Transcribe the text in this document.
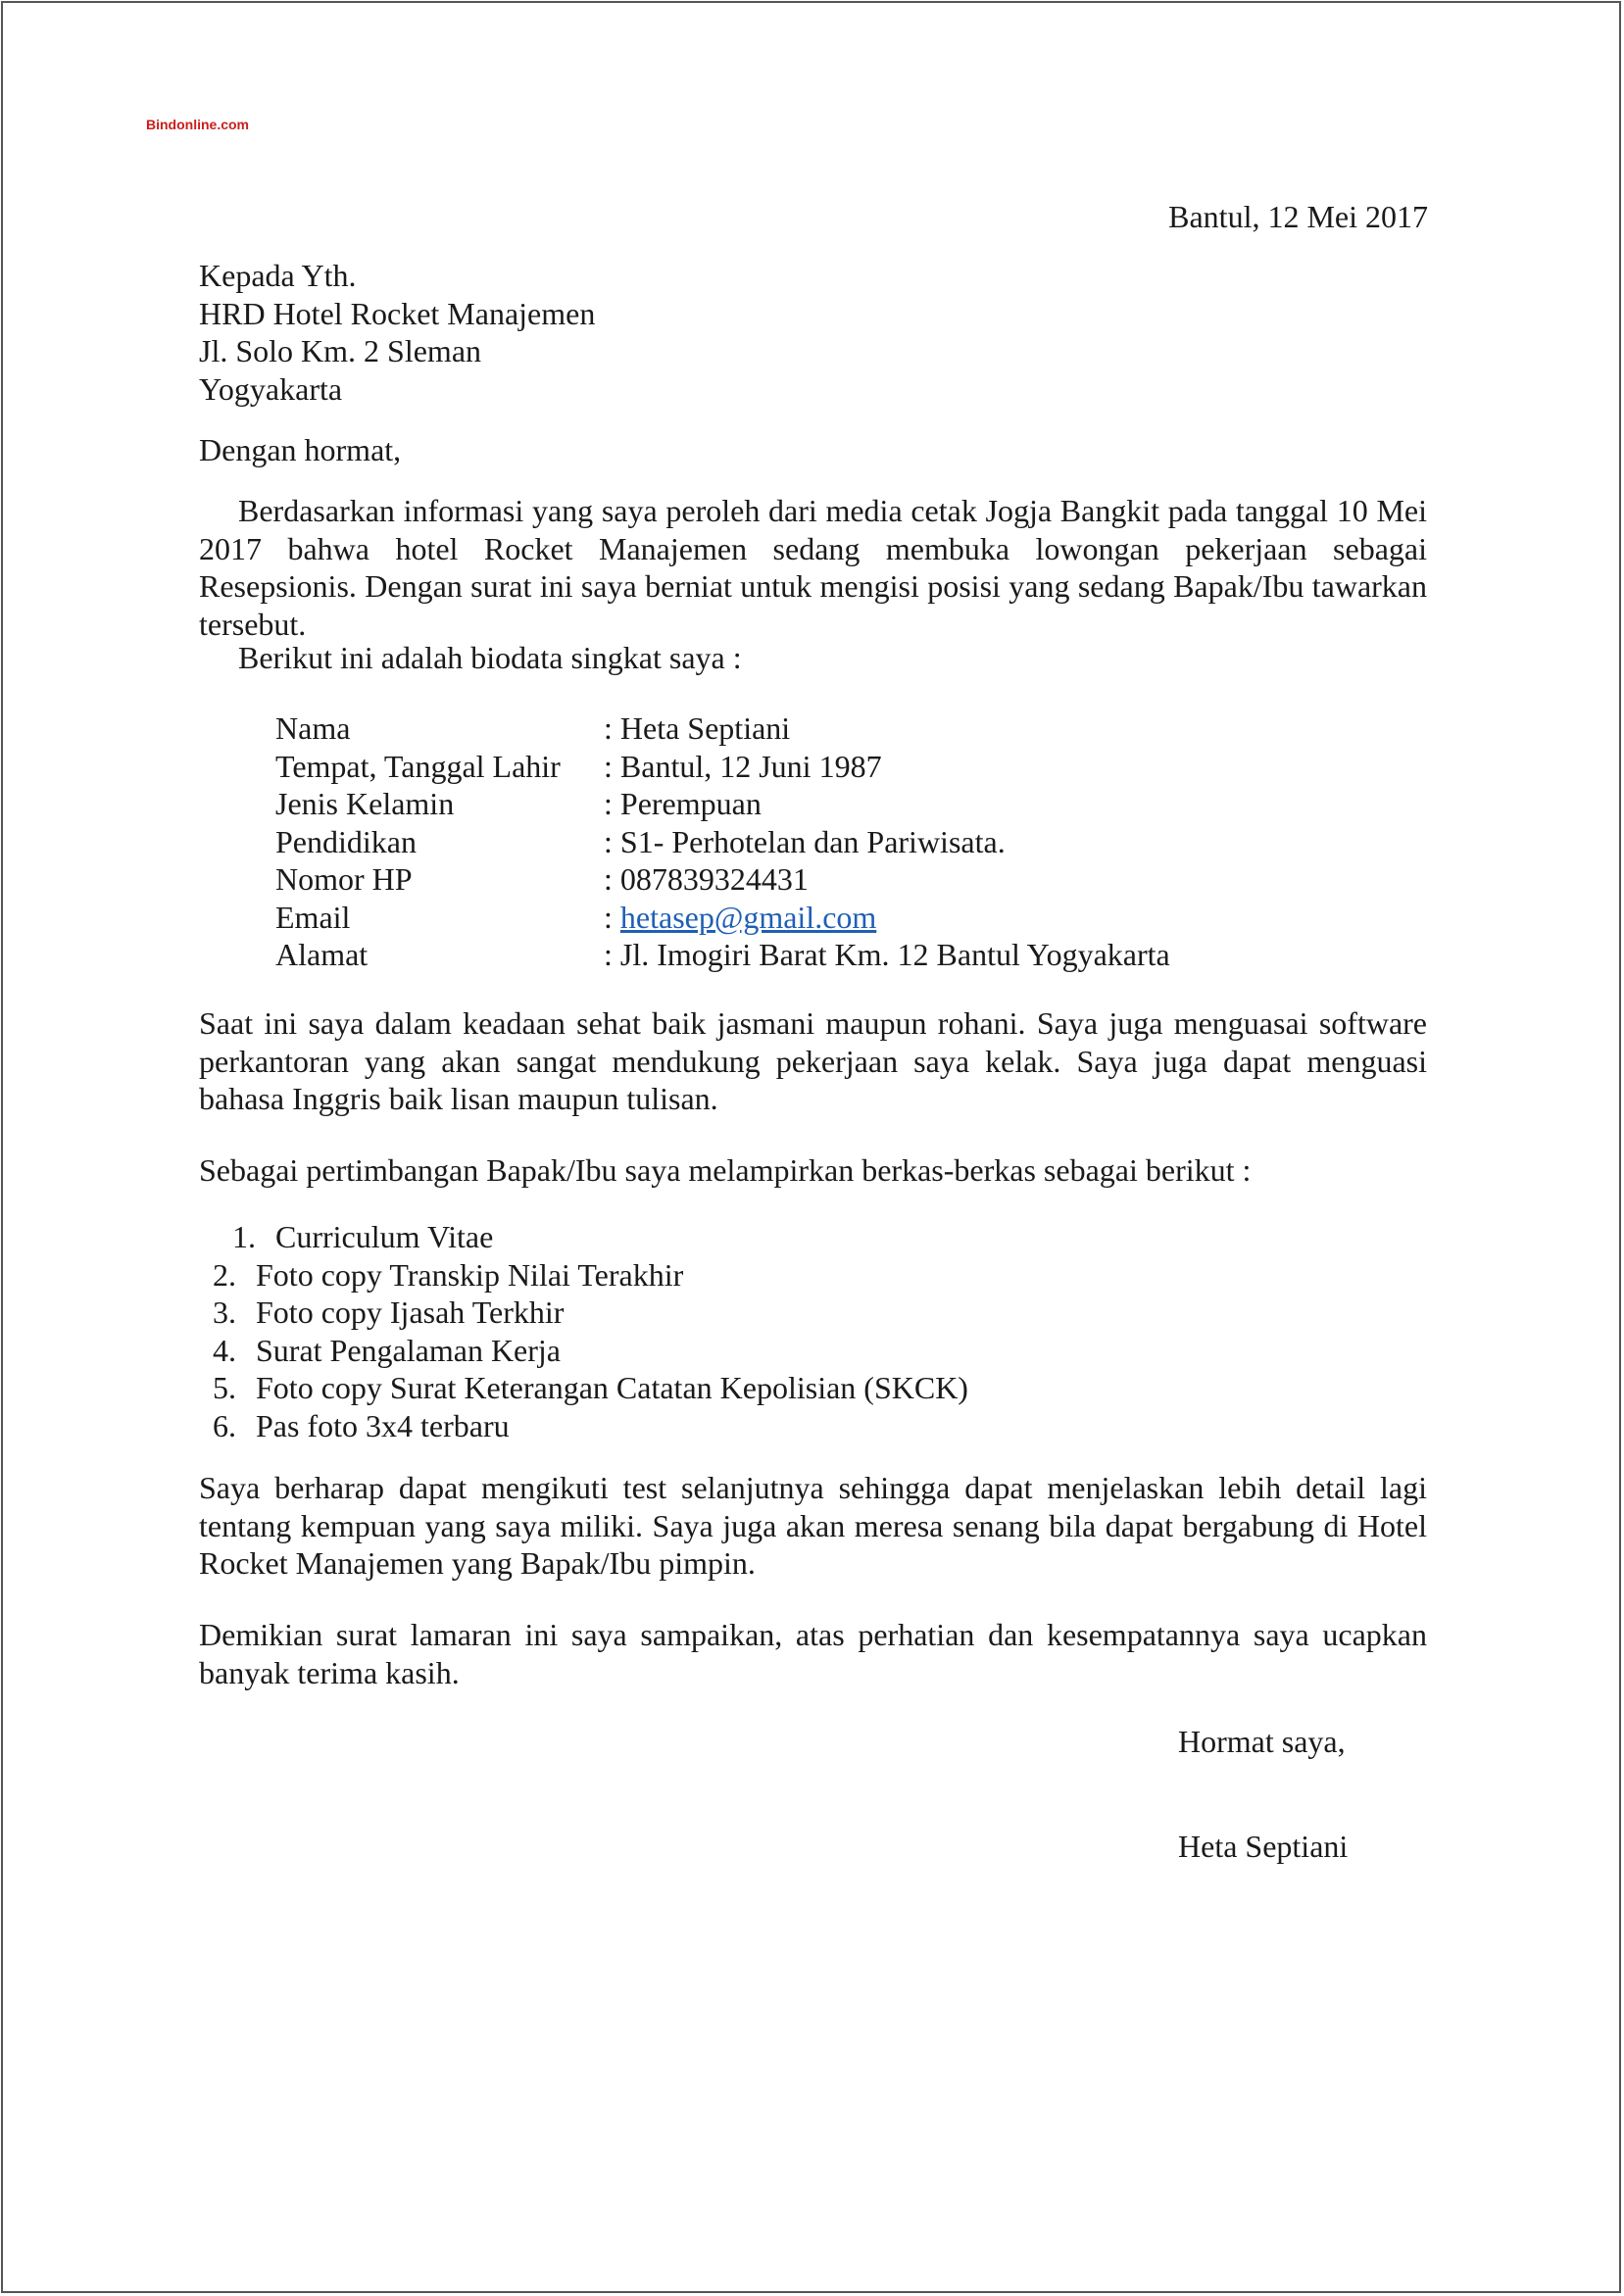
Bindonline.com
Bantul, 12 Mei 2017
Kepada Yth.
HRD Hotel Rocket Manajemen
Jl. Solo Km. 2 Sleman
Yogyakarta
Dengan hormat,
Berdasarkan informasi yang saya peroleh dari media cetak Jogja Bangkit pada tanggal 10 Mei 2017 bahwa hotel Rocket Manajemen sedang membuka lowongan pekerjaan sebagai Resepsionis. Dengan surat ini saya berniat untuk mengisi posisi yang sedang Bapak/Ibu tawarkan tersebut.
Berikut ini adalah biodata singkat saya :
Nama	: Heta Septiani
Tempat, Tanggal Lahir	: Bantul, 12 Juni 1987
Jenis Kelamin	: Perempuan
Pendidikan	: S1- Perhotelan dan Pariwisata.
Nomor HP	: 087839324431
Email	: hetasep@gmail.com
Alamat	: Jl. Imogiri Barat Km. 12 Bantul Yogyakarta
Saat ini saya dalam keadaan sehat baik jasmani maupun rohani. Saya juga menguasai software perkantoran yang akan sangat mendukung pekerjaan saya kelak. Saya juga dapat menguasi bahasa Inggris baik lisan maupun tulisan.
Sebagai pertimbangan Bapak/Ibu saya melampirkan berkas-berkas sebagai berikut :
1. Curriculum Vitae
2. Foto copy Transkip Nilai Terakhir
3. Foto copy Ijasah Terkhir
4. Surat Pengalaman Kerja
5. Foto copy Surat Keterangan Catatan Kepolisian (SKCK)
6. Pas foto 3x4 terbaru
Saya berharap dapat mengikuti test selanjutnya sehingga dapat menjelaskan lebih detail lagi tentang kempuan yang saya miliki. Saya juga akan meresa senang bila dapat bergabung di Hotel Rocket Manajemen yang Bapak/Ibu pimpin.
Demikian surat lamaran ini saya sampaikan, atas perhatian dan kesempatannya saya ucapkan banyak terima kasih.
Hormat saya,
Heta Septiani
